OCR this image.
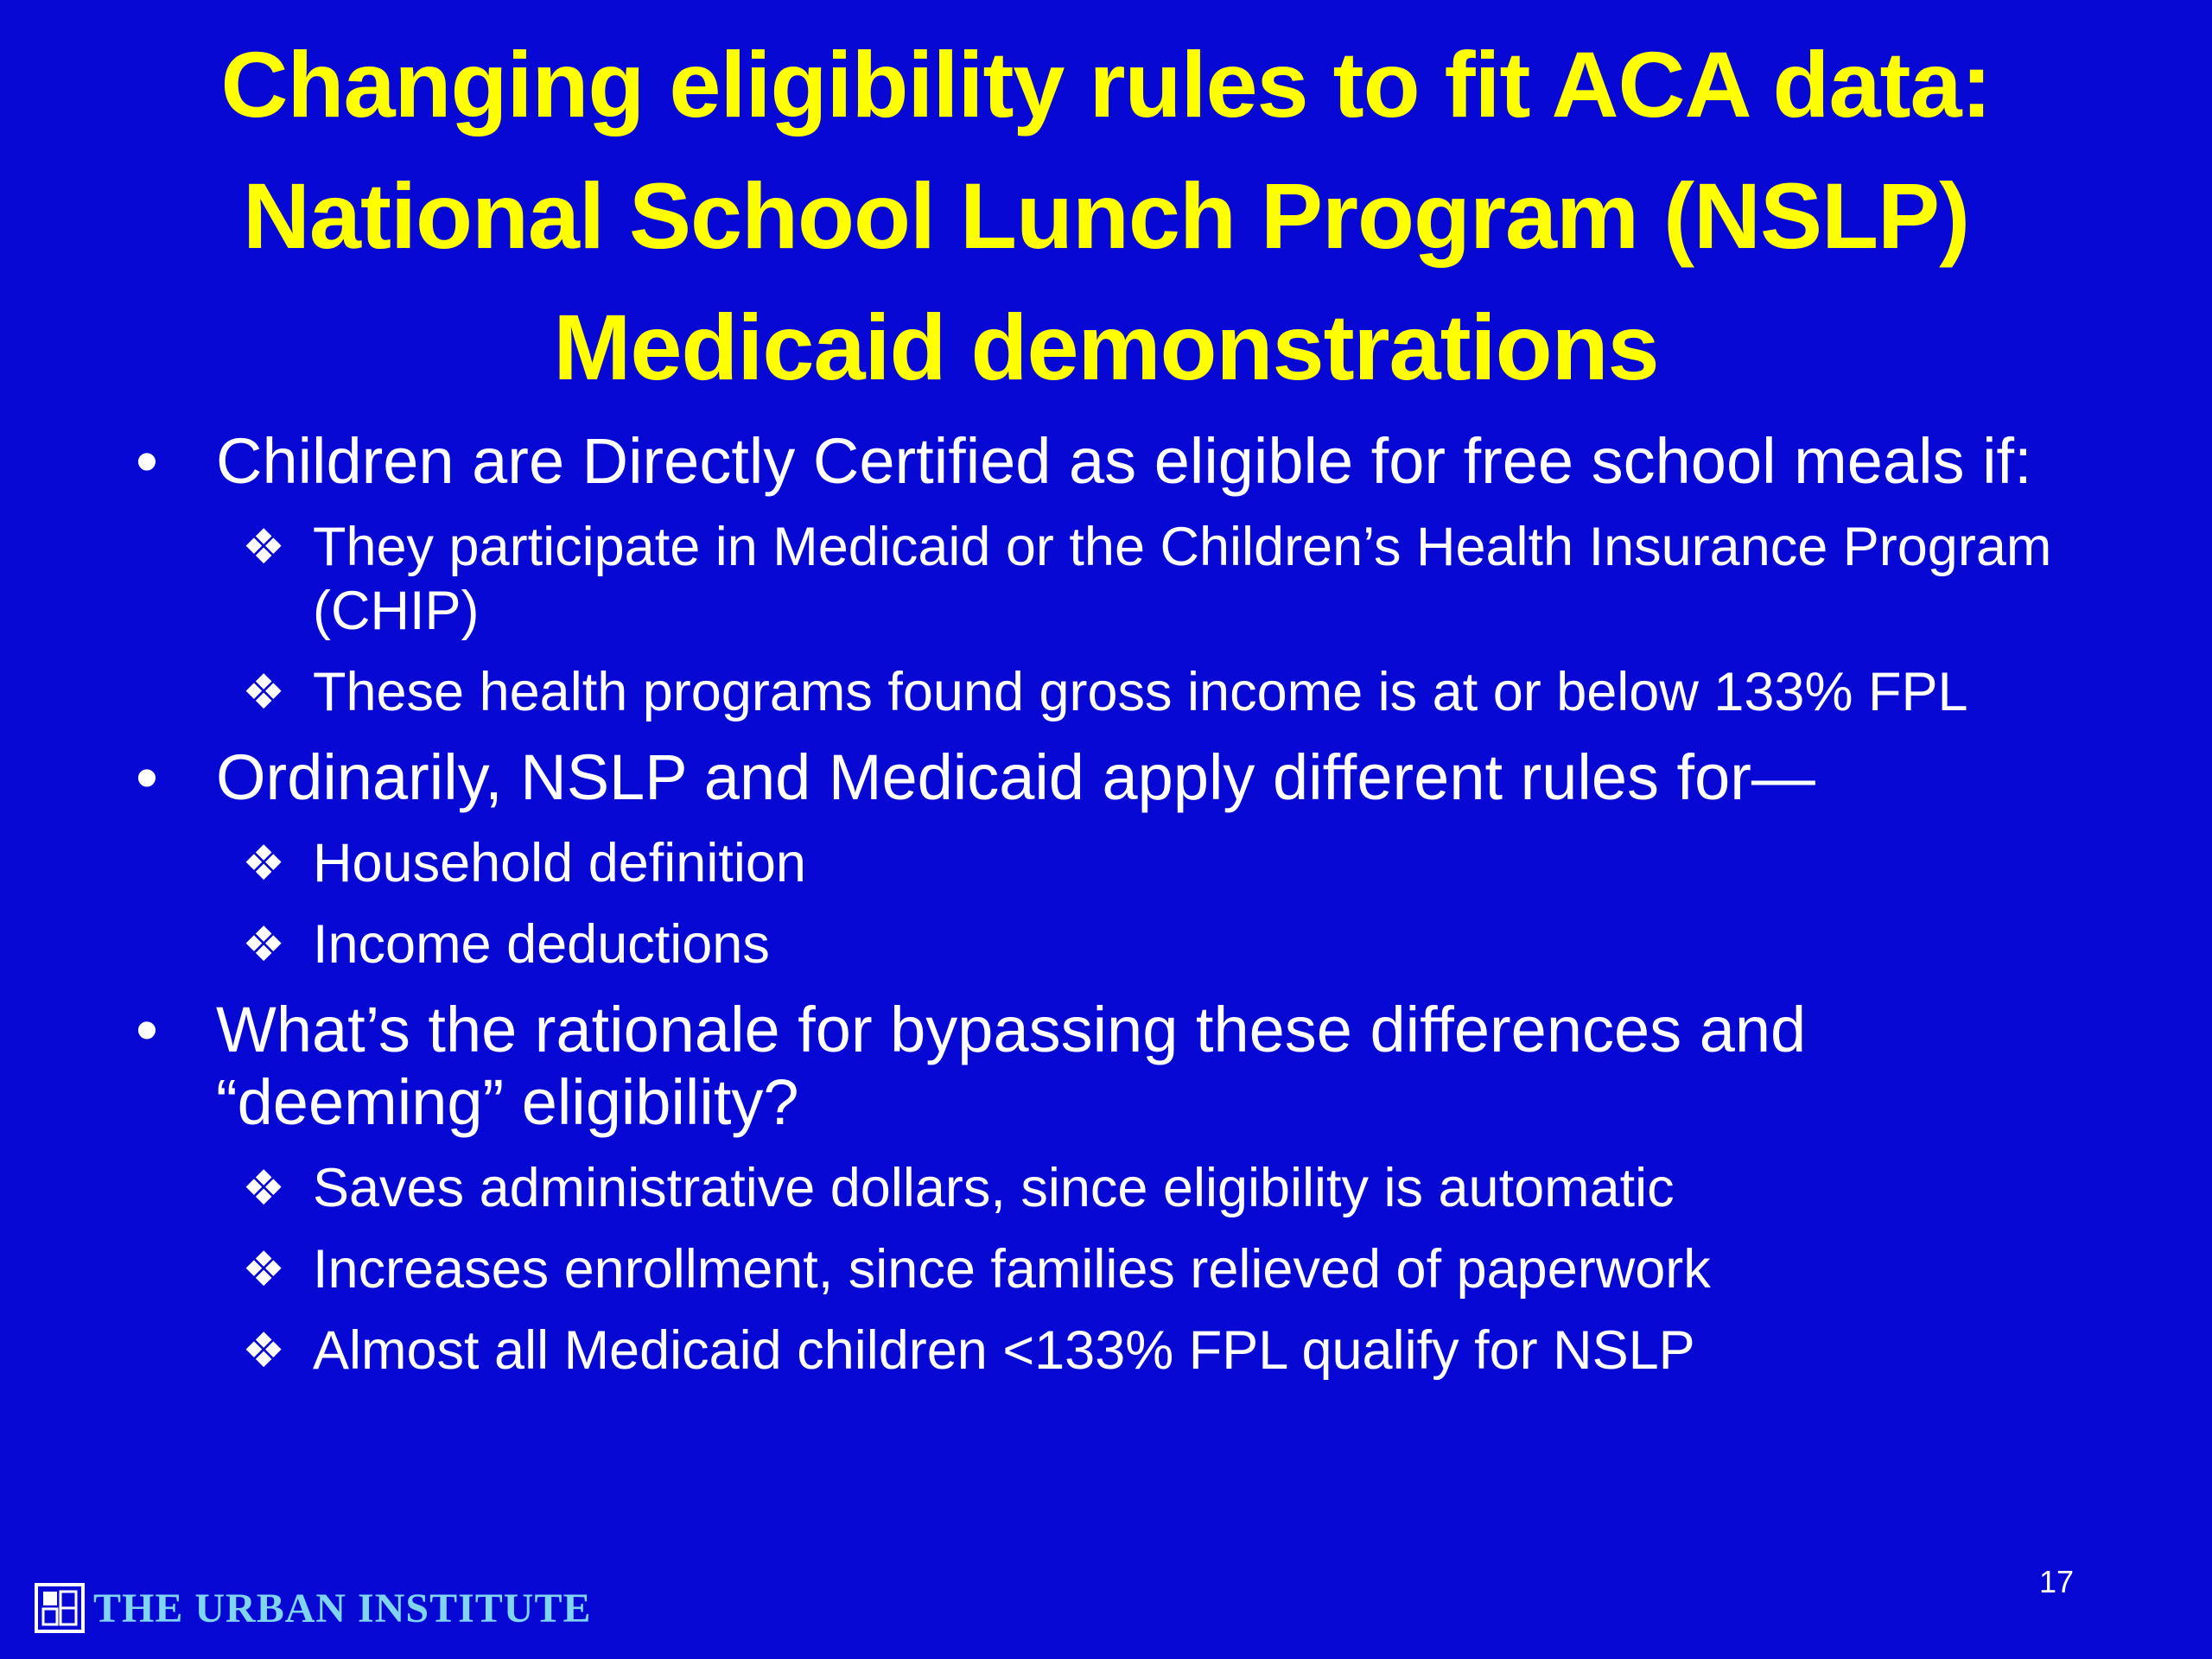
Changing eligibility rules to fit ACA data:
National School Lunch Program (NSLP)
Medicaid demonstrations
• Children are Directly Certified as eligible for free school meals if:
❖ They participate in Medicaid or the Children’s Health Insurance Program (CHIP)
❖ These health programs found gross income is at or below 133% FPL
• Ordinarily, NSLP and Medicaid apply different rules for—
❖ Household definition
❖ Income deductions
• What’s the rationale for bypassing these differences and “deeming” eligibility?
❖ Saves administrative dollars, since eligibility is automatic
❖ Increases enrollment, since families relieved of paperwork
❖ Almost all Medicaid children <133% FPL qualify for NSLP
THE URBAN INSTITUTE
17
